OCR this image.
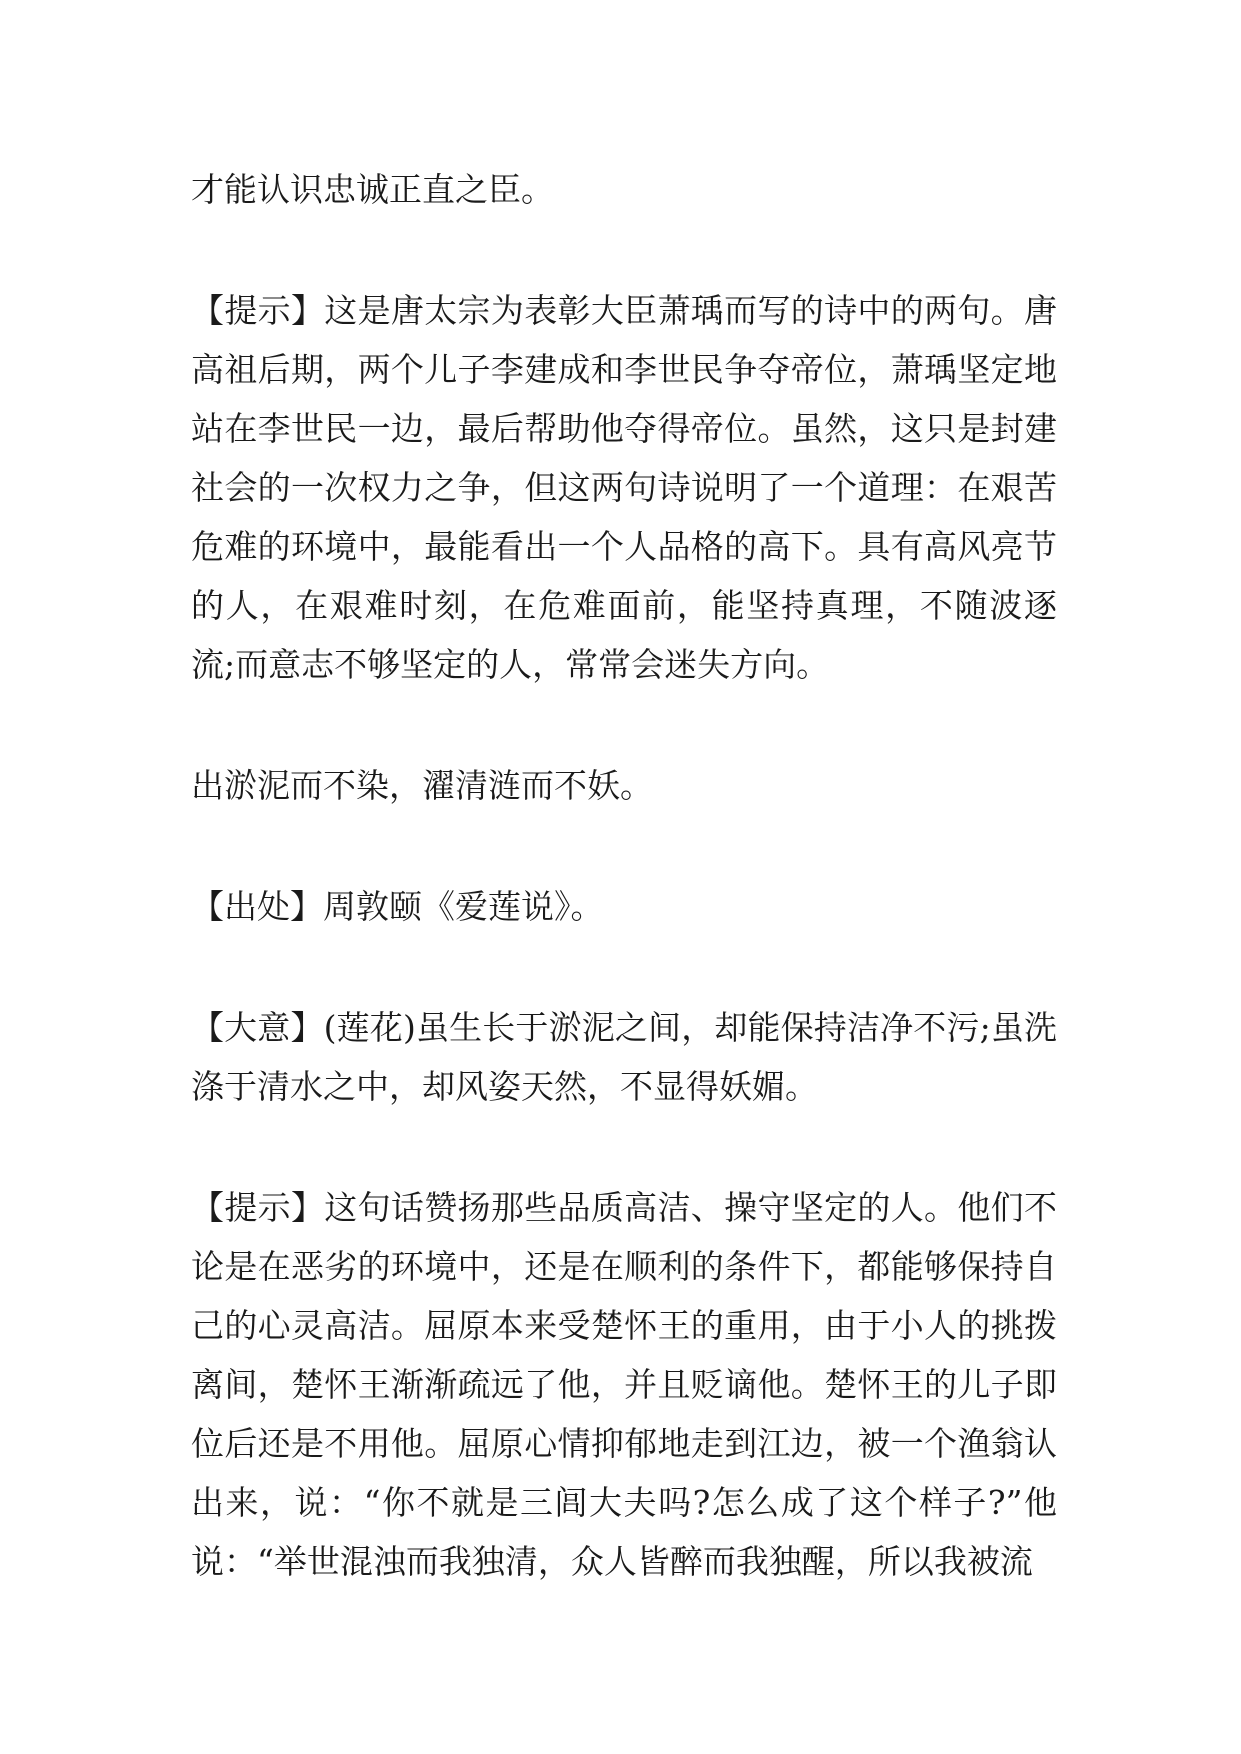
才能认识忠诚正直之臣。

【提示】这是唐太宗为表彰大臣萧瑀而写的诗中的两句。唐高祖后期，两个儿子李建成和李世民争夺帝位，萧瑀坚定地站在李世民一边，最后帮助他夺得帝位。虽然，这只是封建社会的一次权力之争，但这两句诗说明了一个道理：在艰苦危难的环境中，最能看出一个人品格的高下。具有高风亮节的人，在艰难时刻，在危难面前，能坚持真理，不随波逐流;而意志不够坚定的人，常常会迷失方向。

出淤泥而不染，濯清涟而不妖。

【出处】周敦颐《爱莲说》。

【大意】(莲花)虽生长于淤泥之间，却能保持洁净不污;虽洗涤于清水之中，却风姿天然，不显得妖媚。

【提示】这句话赞扬那些品质高洁、操守坚定的人。他们不论是在恶劣的环境中，还是在顺利的条件下，都能够保持自己的心灵高洁。屈原本来受楚怀王的重用，由于小人的挑拨离间，楚怀王渐渐疏远了他，并且贬谪他。楚怀王的儿子即位后还是不用他。屈原心情抑郁地走到江边，被一个渔翁认出来，说：“你不就是三闾大夫吗?怎么成了这个样子?”他说：“举世混浊而我独清，众人皆醉而我独醒，所以我被流
